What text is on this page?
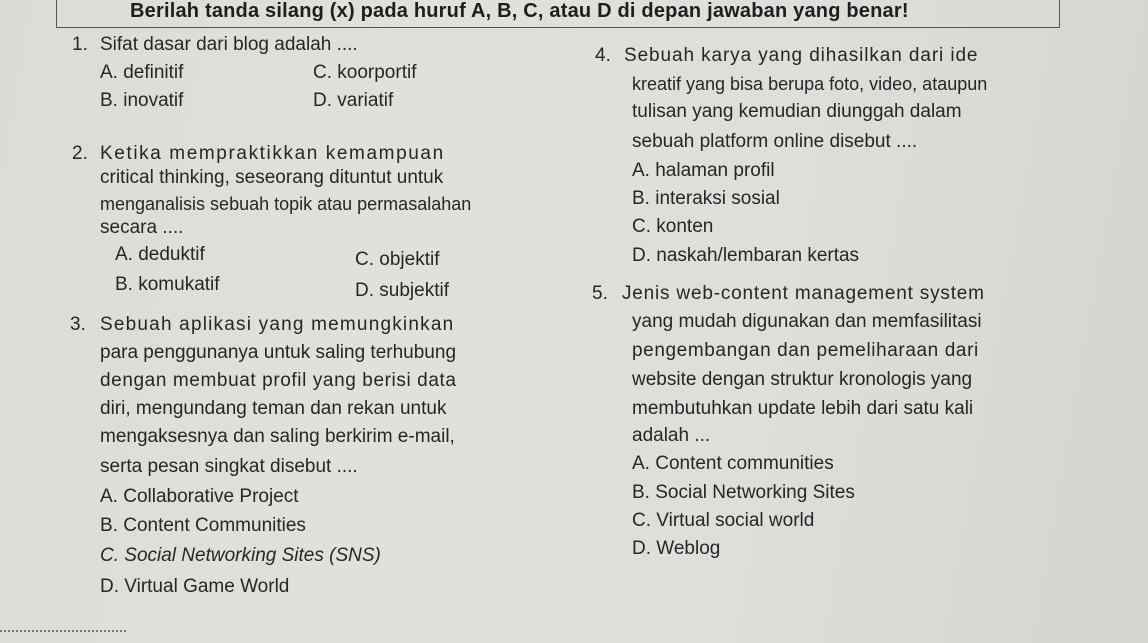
Berilah tanda silang (x) pada huruf A, B, C, atau D di depan jawaban yang benar!
1. Sifat dasar dari blog adalah ....
A. definitif	C. koorportif
B. inovatif	D. variatif
2. Ketika mempraktikkan kemampuan
critical thinking, seseorang dituntut untuk
menganalisis sebuah topik atau permasalahan
secara ....
A. deduktif	C. objektif
B. komukatif	D. subjektif
3. Sebuah aplikasi yang memungkinkan
para penggunanya untuk saling terhubung
dengan membuat profil yang berisi data
diri, mengundang teman dan rekan untuk
mengaksesnya dan saling berkirim e-mail,
serta pesan singkat disebut ....
A. Collaborative Project
B. Content Communities
C. Social Networking Sites (SNS)
D. Virtual Game World
4. Sebuah karya yang dihasilkan dari ide
kreatif yang bisa berupa foto, video, ataupun
tulisan yang kemudian diunggah dalam
sebuah platform online disebut ....
A. halaman profil
B. interaksi sosial
C. konten
D. naskah/lembaran kertas
5. Jenis web-content management system
yang mudah digunakan dan memfasilitasi
pengembangan dan pemeliharaan dari
website dengan struktur kronologis yang
membutuhkan update lebih dari satu kali
adalah ...
A. Content communities
B. Social Networking Sites
C. Virtual social world
D. Weblog
